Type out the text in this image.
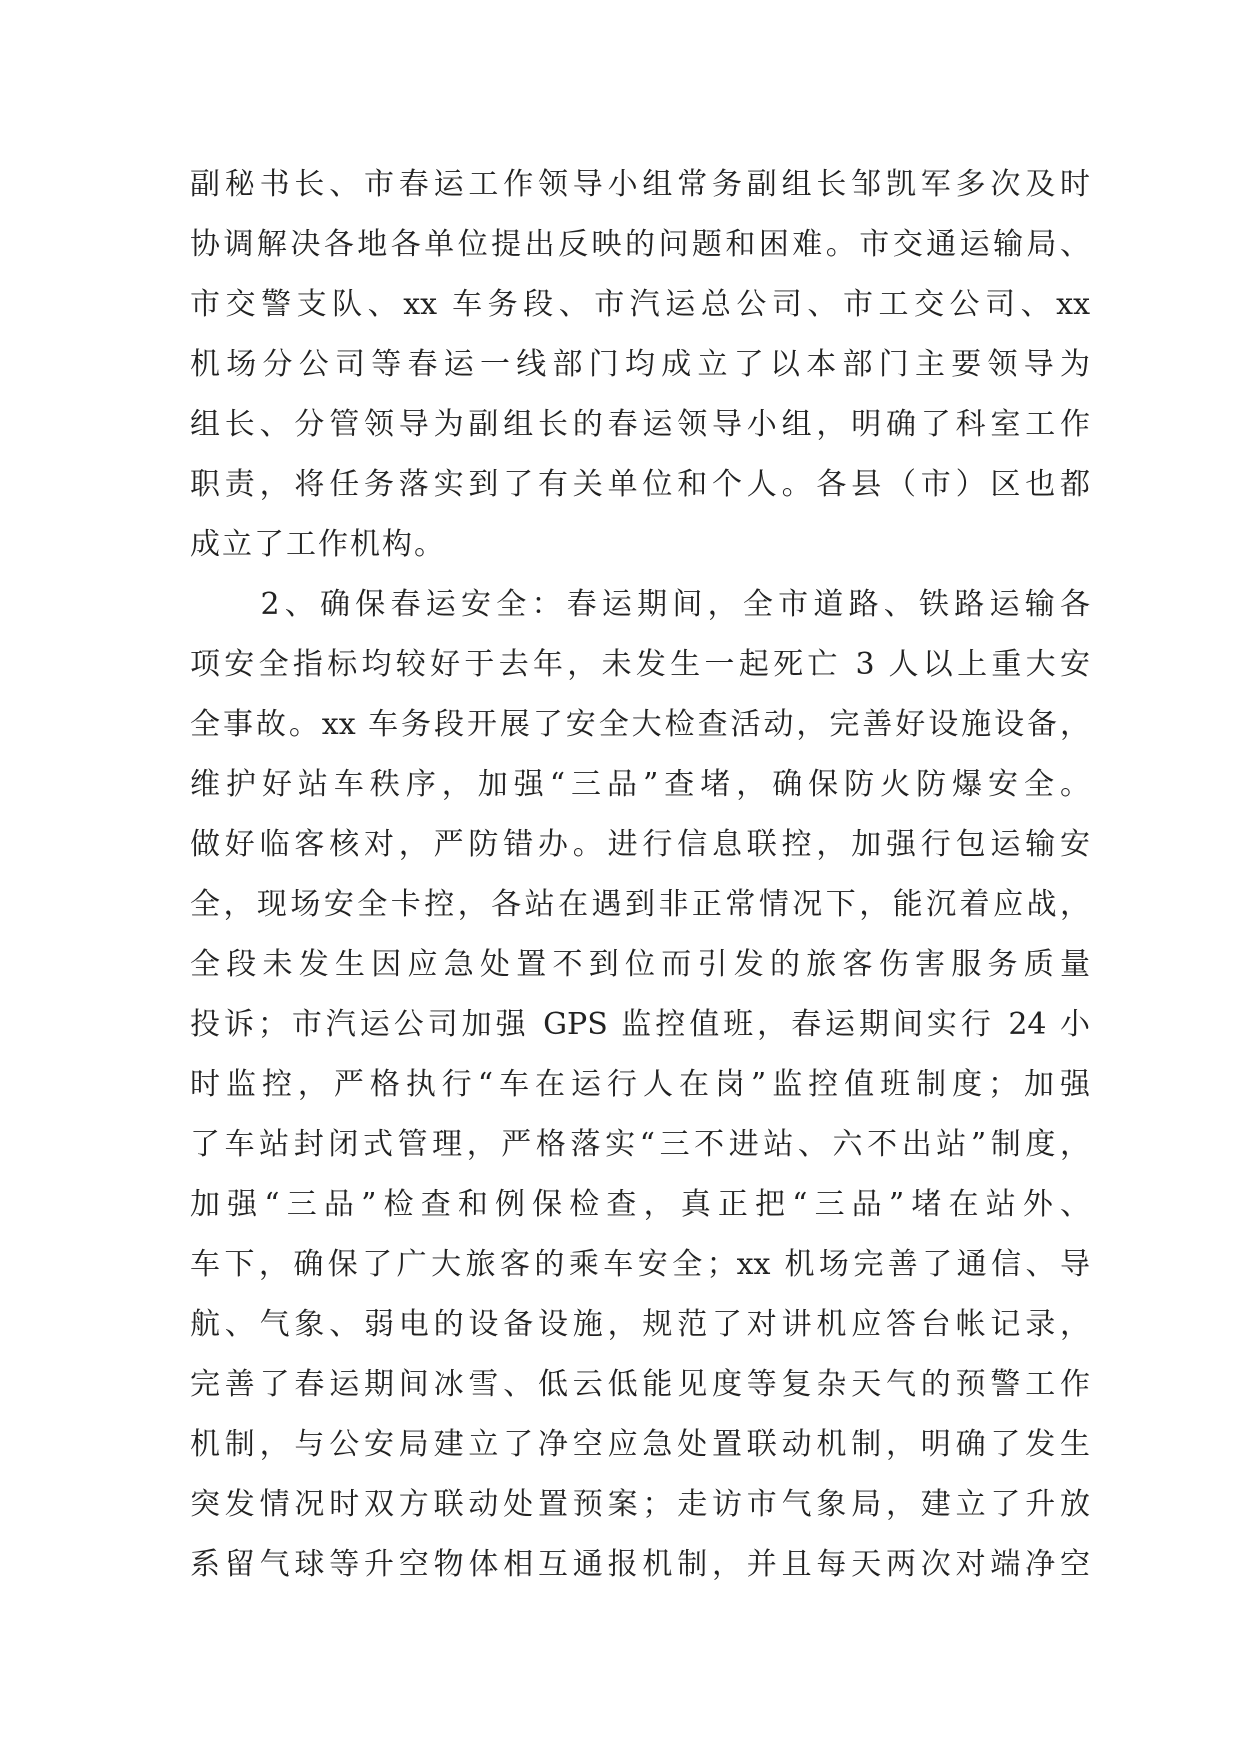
副秘书长、市春运工作领导小组常务副组长邹凯军多次及时
协调解决各地各单位提出反映的问题和困难。市交通运输局、
市交警支队、xx 车务段、市汽运总公司、市工交公司、xx
机场分公司等春运一线部门均成立了以本部门主要领导为
组长、分管领导为副组长的春运领导小组，明确了科室工作
职责，将任务落实到了有关单位和个人。各县（市）区也都
成立了工作机构。
　　2、确保春运安全：春运期间，全市道路、铁路运输各
项安全指标均较好于去年，未发生一起死亡 3 人以上重大安
全事故。xx 车务段开展了安全大检查活动，完善好设施设备，
维护好站车秩序，加强“三品”查堵，确保防火防爆安全。
做好临客核对，严防错办。进行信息联控，加强行包运输安
全，现场安全卡控，各站在遇到非正常情况下，能沉着应战，
全段未发生因应急处置不到位而引发的旅客伤害服务质量
投诉；市汽运公司加强 GPS 监控值班，春运期间实行 24 小
时监控，严格执行“车在运行人在岗”监控值班制度；加强
了车站封闭式管理，严格落实“三不进站、六不出站”制度，
加强“三品”检查和例保检查，真正把“三品”堵在站外、
车下，确保了广大旅客的乘车安全；xx 机场完善了通信、导
航、气象、弱电的设备设施，规范了对讲机应答台帐记录，
完善了春运期间冰雪、低云低能见度等复杂天气的预警工作
机制，与公安局建立了净空应急处置联动机制，明确了发生
突发情况时双方联动处置预案；走访市气象局，建立了升放
系留气球等升空物体相互通报机制，并且每天两次对端净空
